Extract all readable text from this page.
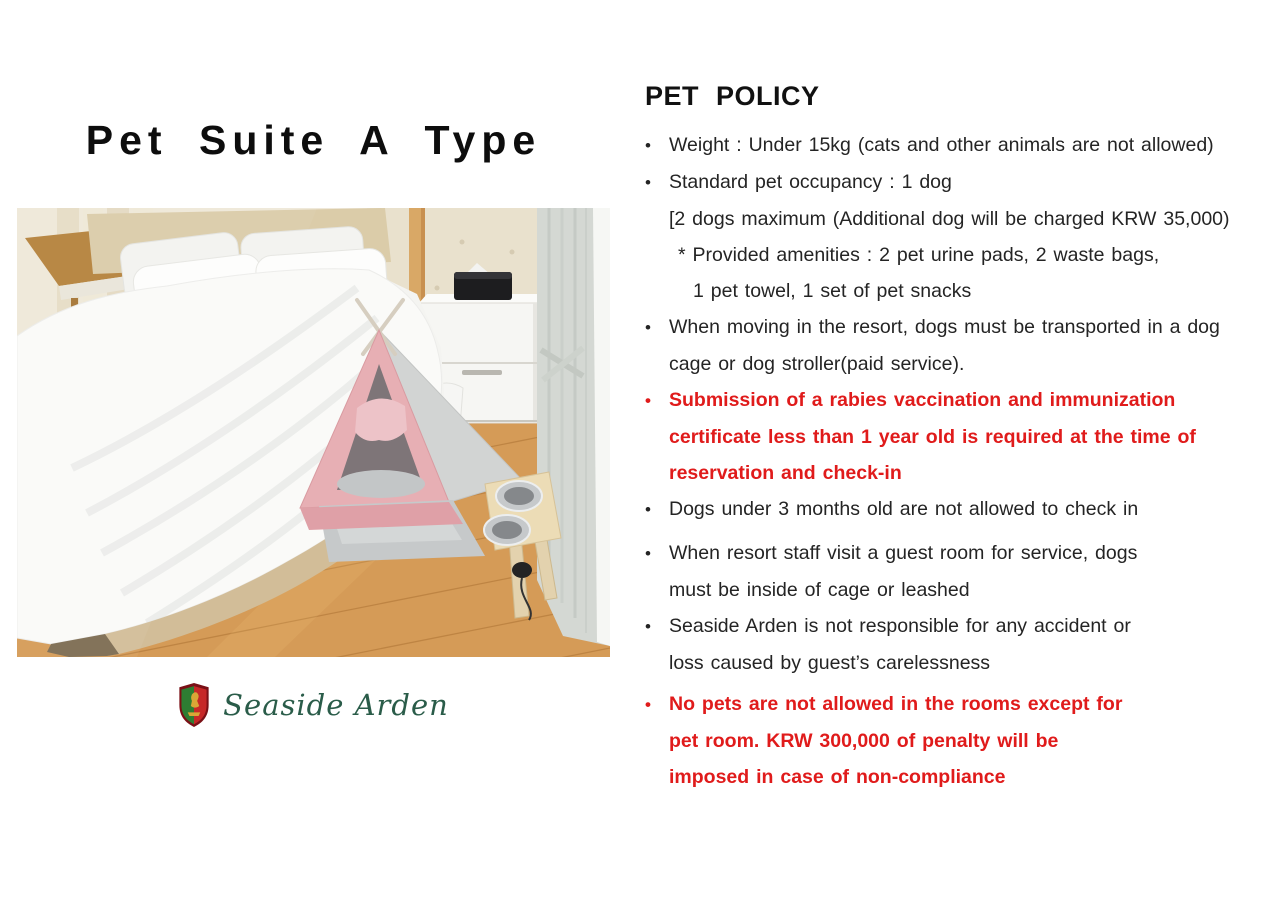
Pet Suite A Type
Seaside Arden
PET POLICY
• Weight : Under 15kg (cats and other animals are not allowed)
• Standard pet occupancy : 1 dog
[2 dogs maximum (Additional dog will be charged KRW 35,000)
* Provided amenities : 2 pet urine pads, 2 waste bags,
1 pet towel, 1 set of pet snacks
• When moving in the resort, dogs must be transported in a dog
cage or dog stroller(paid service).
• Submission of a rabies vaccination and immunization
certificate less than 1 year old is required at the time of
reservation and check-in
• Dogs under 3 months old are not allowed to check in
• When resort staff visit a guest room for service, dogs
must be inside of cage or leashed
• Seaside Arden is not responsible for any accident or
loss caused by guest’s carelessness
• No pets are not allowed in the rooms except for
pet room. KRW 300,000 of penalty will be
imposed in case of non-compliance
